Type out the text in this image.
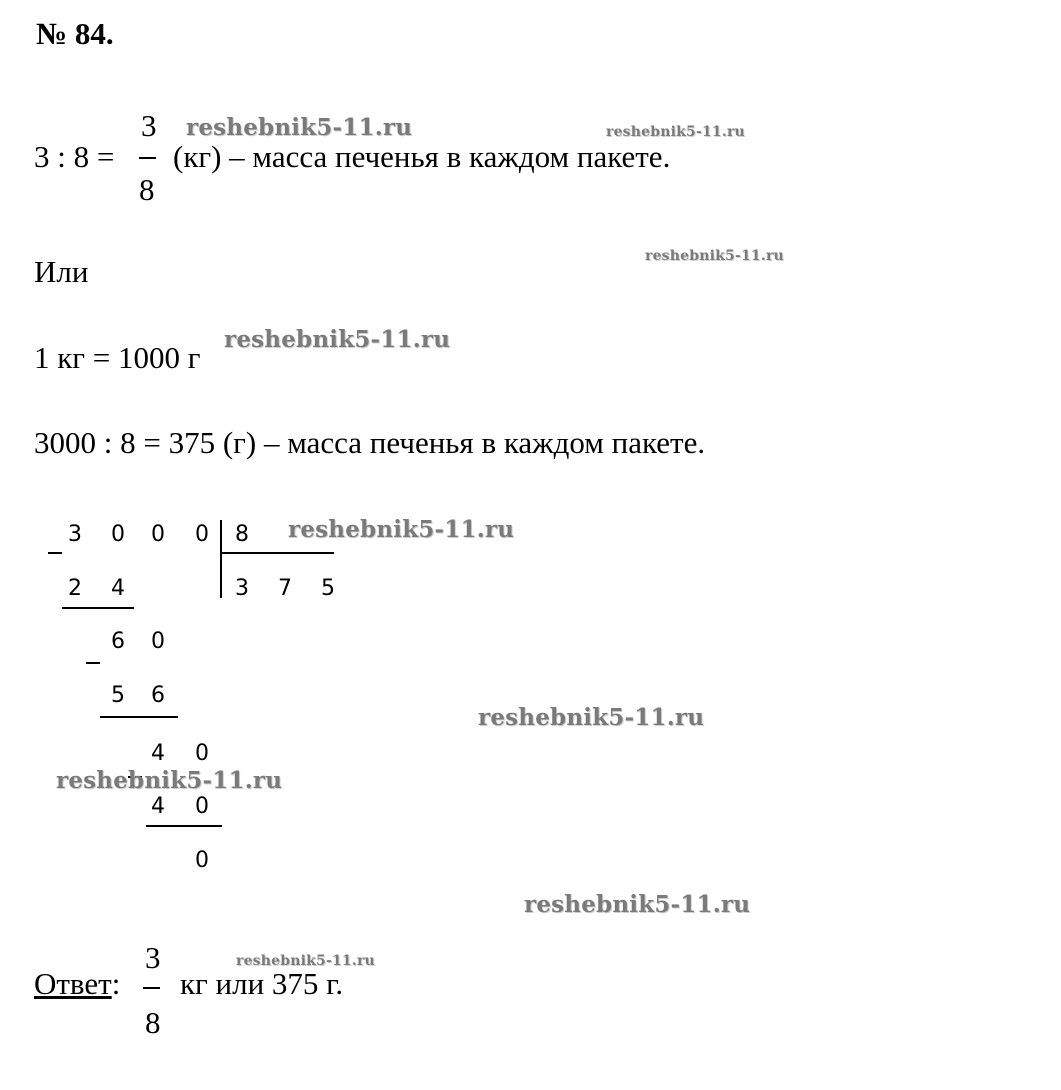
№ 84.
3 : 8 =
3
8
(кг) – масса печенья в каждом пакете.
Или
1 кг = 1000 г
3000 : 8 = 375 (г) – масса печенья в каждом пакете.
3	0	0	0	8
3	7	5
2	4
6	0
5	6
4	0
4	0
0
Ответ:
3
8
кг или 375 г.
reshebnik5-11.ru	reshebnik5-11.ru
reshebnik5-11.ru
reshebnik5-11.ru
reshebnik5-11.ru
reshebnik5-11.ru
reshebnik5-11.ru
reshebnik5-11.ru
reshebnik5-11.ru
